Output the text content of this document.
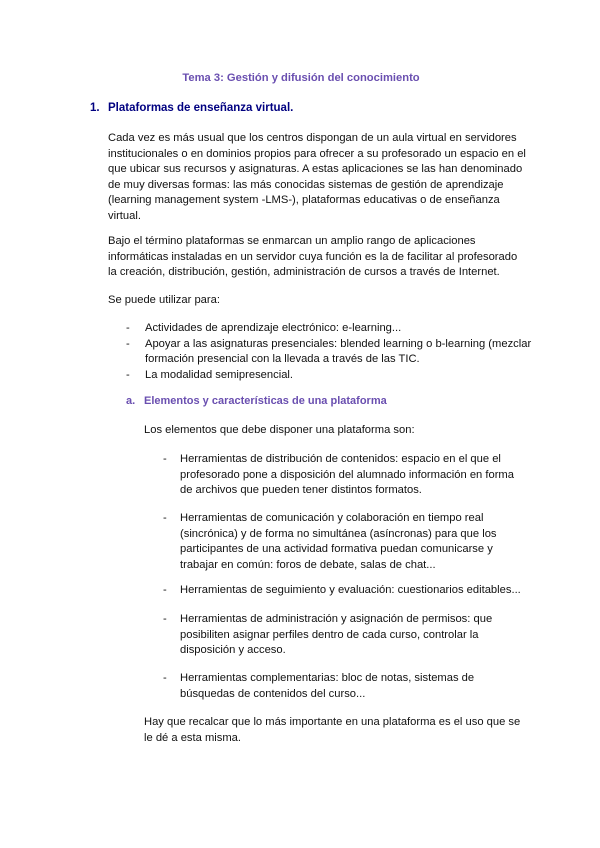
Tema 3: Gestión y difusión del conocimiento
1. Plataformas de enseñanza virtual.

Cada vez es más usual que los centros dispongan de un aula virtual en servidores institucionales o en dominios propios para ofrecer a su profesorado un espacio en el que ubicar sus recursos y asignaturas. A estas aplicaciones se las han denominado de muy diversas formas: las más conocidas sistemas de gestión de aprendizaje (learning management system -LMS-), plataformas educativas o de enseñanza virtual.

Bajo el término plataformas se enmarcan un amplio rango de aplicaciones informáticas instaladas en un servidor cuya función es la de facilitar al profesorado la creación, distribución, gestión, administración de cursos a través de Internet.

Se puede utilizar para:

- Actividades de aprendizaje electrónico: e-learning...
- Apoyar a las asignaturas presenciales: blended learning o b-learning (mezclar formación presencial con la llevada a través de las TIC.
- La modalidad semipresencial.
a. Elementos y características de una plataforma

Los elementos que debe disponer una plataforma son:

- Herramientas de distribución de contenidos: espacio en el que el profesorado pone a disposición del alumnado información en forma de archivos que pueden tener distintos formatos.
- Herramientas de comunicación y colaboración en tiempo real (sincrónica) y de forma no simultánea (asíncronas) para que los participantes de una actividad formativa puedan comunicarse y trabajar en común: foros de debate, salas de chat...
- Herramientas de seguimiento y evaluación: cuestionarios editables...
- Herramientas de administración y asignación de permisos: que posibiliten asignar perfiles dentro de cada curso, controlar la disposición y acceso.
- Herramientas complementarias: bloc de notas, sistemas de búsquedas de contenidos del curso...

Hay que recalcar que lo más importante en una plataforma es el uso que se le dé a esta misma.
